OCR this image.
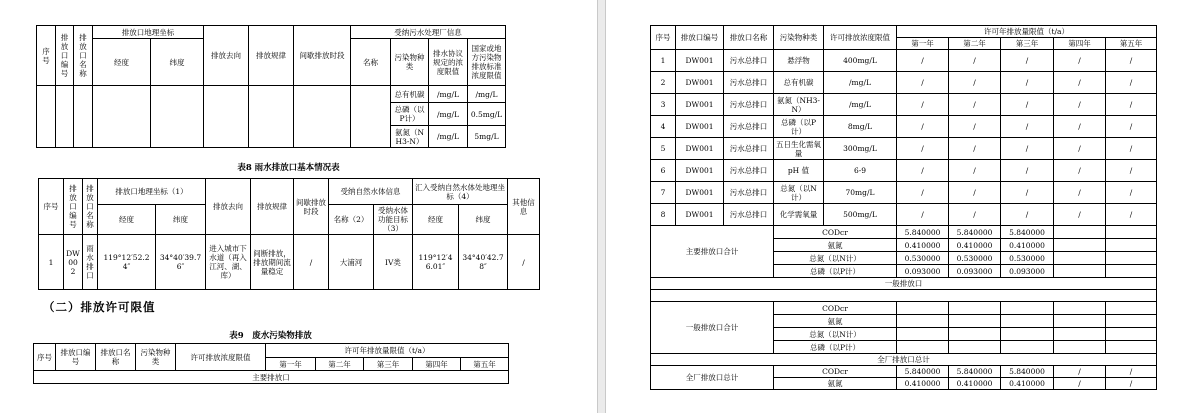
序号	排放口编号	排放口名称	排放口地理坐标		排放去向	排放规律	间歇排放时段	受纳污水处理厂信息			
			经度	纬度				名称	污染物种类	排水协议规定的浓度限值	国家或地方污染物排放标准浓度限值
									总有机碳	/mg/L	/mg/L
									总磷（以P计）	/mg/L	0.5mg/L
									氨氮（NH3-N）	/mg/L	5mg/L
表8 雨水排放口基本情况表
序号	排放口编号	排放口名称	排放口地理坐标（1）		排放去向	排放规律	间歇排放时段	受纳自然水体信息		汇入受纳自然水体处地理坐标（4）		其他信息
			经度	纬度				名称（2）	受纳水体功能目标（3）	经度	纬度	
1	DW002	雨水排口	119°12′52.24″	34°40′39.76″	进入城市下水道（再入江河、湖、库）	间断排放，排放期间流量稳定	/	大浦河	IV类	119°12′46.01″	34°40′42.78″	/
（二）排放许可限值
表9　废水污染物排放
序号	排放口编号	排放口名称	污染物种类	许可排放浓度限值	许可年排放量限值（t/a）				
					第一年	第二年	第三年	第四年	第五年
主要排放口									
序号	排放口编号	排放口名称	污染物种类	许可排放浓度限值	许可年排放量限值（t/a）				
					第一年	第二年	第三年	第四年	第五年
1	DW001	污水总排口	悬浮物	400mg/L	/	/	/	/	/
2	DW001	污水总排口	总有机碳	/mg/L	/	/	/	/	/
3	DW001	污水总排口	氨氮（NH3-N）	/mg/L	/	/	/	/	/
4	DW001	污水总排口	总磷（以P计）	8mg/L	/	/	/	/	/
5	DW001	污水总排口	五日生化需氧量	300mg/L	/	/	/	/	/
6	DW001	污水总排口	pH 值	6-9	/	/	/	/	/
7	DW001	污水总排口	总氮（以N计）	70mg/L	/	/	/	/	/
8	DW001	污水总排口	化学需氧量	500mg/L	/	/	/	/	/
主要排放口合计			CODcr		5.840000	5.840000	5.840000		
			氨氮		0.410000	0.410000	0.410000		
			总氮（以N计）		0.530000	0.530000	0.530000		
			总磷（以P计）		0.093000	0.093000	0.093000		
一般排放口									

一般排放口合计			CODcr						
			氨氮						
			总氮（以N计）						
			总磷（以P计）						
全厂排放口总计									
全厂排放口总计			CODcr		5.840000	5.840000	5.840000	/	/
			氨氮		0.410000	0.410000	0.410000	/	/
